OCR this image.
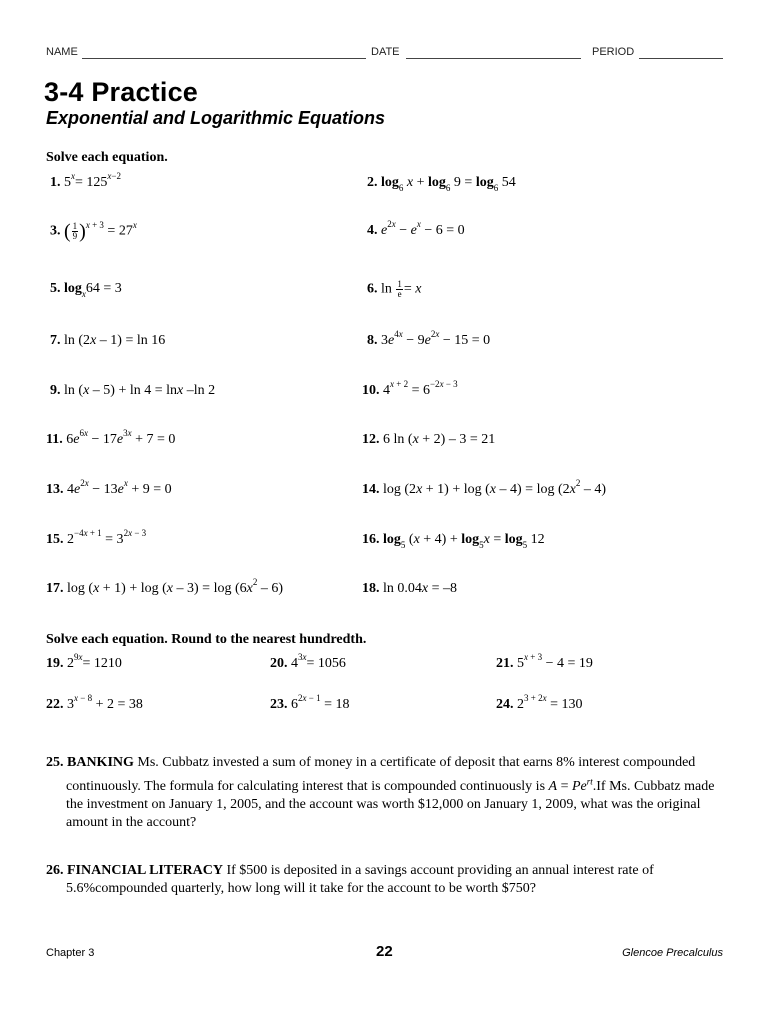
NAME	DATE	PERIOD
3-4 Practice
Exponential and Logarithmic Equations
Solve each equation.
1. $5^x= 125^{x-2}$	2. $\log_6 x + \log_6 9 = \log_6 54$
3. ( $\frac{1}{9} )^{x + 3} = 27^x$	4. $e^{2x} - e^x - 6 = 0$
5. $\log_x64 = 3$	6. $\ln \frac{1}{e} = x$
7. ln (2x – 1) = ln 16	8. $3e^{4x} - 9e^{2x} - 15 = 0$
9. ln (x – 5) + ln 4 = lnx –ln 2	10. $4^{x + 2} = 6^{-2x - 3}$
11. $6e^{6x} - 17e^{3x} + 7 = 0$	12. 6 ln (x + 2) – 3 = 21
13. $4e^{2x} - 13e^x + 9 = 0$	14. $\log (2x + 1) + \log (x - 4) = \log (2x^2 - 4)$
15. $2^{-4x + 1} = 3^{2x - 3}$	16. $\log_5 (x + 4) + \log_5x = \log_5 12$
17. $\log (x + 1) + \log (x - 3) = \log (6x^2 - 6)$	18. ln 0.04x = –8
Solve each equation. Round to the nearest hundredth.
19. $2^{9x}= 1210$	20. $4^{3x}= 1056$	21. $5^{x + 3} - 4 = 19$
22. $3^{x - 8} + 2 = 38$	23. $6^{2x - 1} = 18$	24. $2^{3 + 2x} = 130$
25. BANKING Ms. Cubbatz invested a sum of money in a certificate of deposit that earns 8% interest compounded
continuously. The formula for calculating interest that is compounded continuously is $A = Pe^{rt}.If$ Ms. Cubbatz made
the investment on January 1, 2005, and the account was worth $12,000 on January 1, 2009, what was the original
amount in the account?
26. FINANCIAL LITERACY If $500 is deposited in a savings account providing an annual interest rate of
5.6%compounded quarterly, how long will it take for the account to be worth $750?
Chapter 3	22	Glencoe Precalculus
